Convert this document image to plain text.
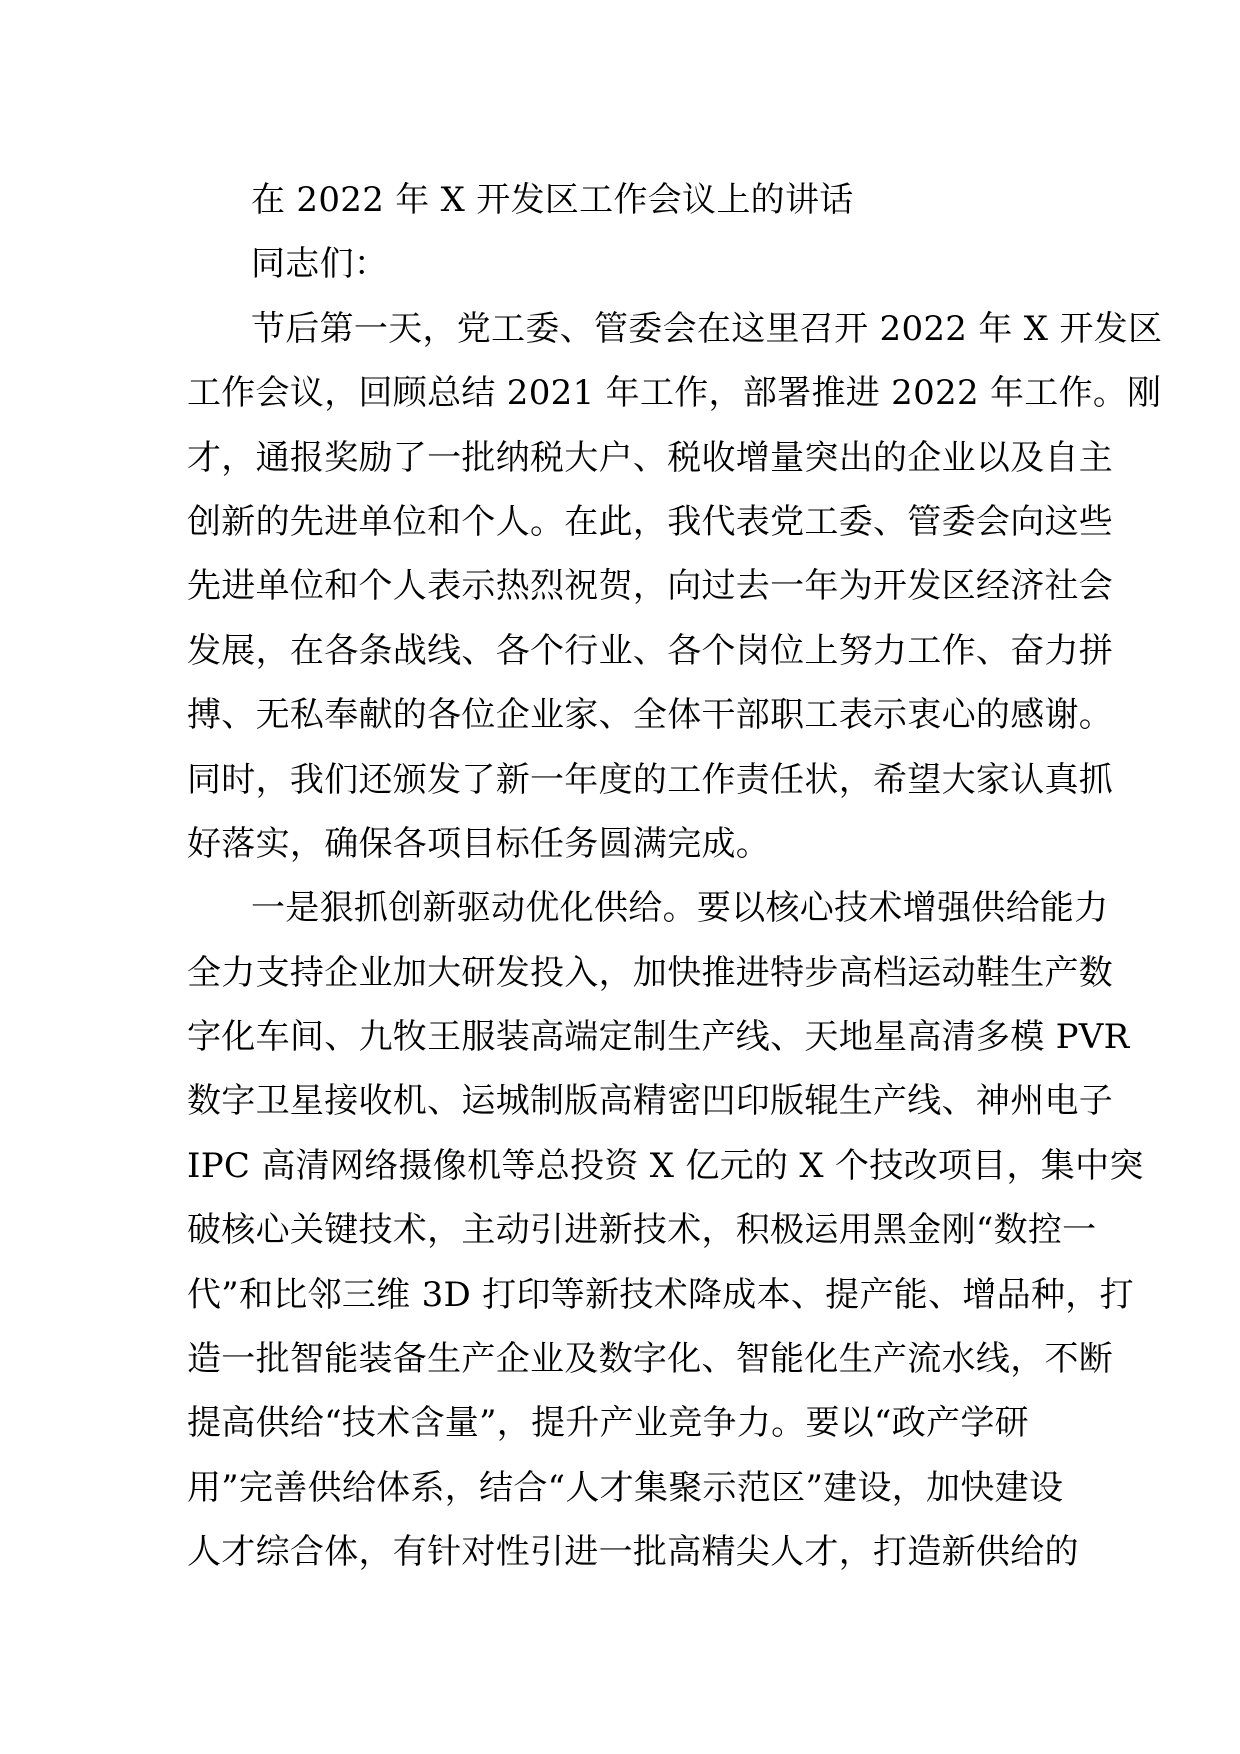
在 2022 年 X 开发区工作会议上的讲话
同志们：
节后第一天，党工委、管委会在这里召开 2022 年 X 开发区
工作会议，回顾总结 2021 年工作，部署推进 2022 年工作。刚
才，通报奖励了一批纳税大户、税收增量突出的企业以及自主
创新的先进单位和个人。在此，我代表党工委、管委会向这些
先进单位和个人表示热烈祝贺，向过去一年为开发区经济社会
发展，在各条战线、各个行业、各个岗位上努力工作、奋力拼
搏、无私奉献的各位企业家、全体干部职工表示衷心的感谢。
同时，我们还颁发了新一年度的工作责任状，希望大家认真抓
好落实，确保各项目标任务圆满完成。
一是狠抓创新驱动优化供给。要以核心技术增强供给能力
全力支持企业加大研发投入，加快推进特步高档运动鞋生产数
字化车间、九牧王服装高端定制生产线、天地星高清多模 PVR
数字卫星接收机、运城制版高精密凹印版辊生产线、神州电子
IPC 高清网络摄像机等总投资 X 亿元的 X 个技改项目，集中突
破核心关键技术，主动引进新技术，积极运用黑金刚“数控一
代”和比邻三维 3D 打印等新技术降成本、提产能、增品种，打
造一批智能装备生产企业及数字化、智能化生产流水线，不断
提高供给“技术含量”，提升产业竞争力。要以“政产学研
用”完善供给体系，结合“人才集聚示范区”建设，加快建设
人才综合体，有针对性引进一批高精尖人才，打造新供给的
